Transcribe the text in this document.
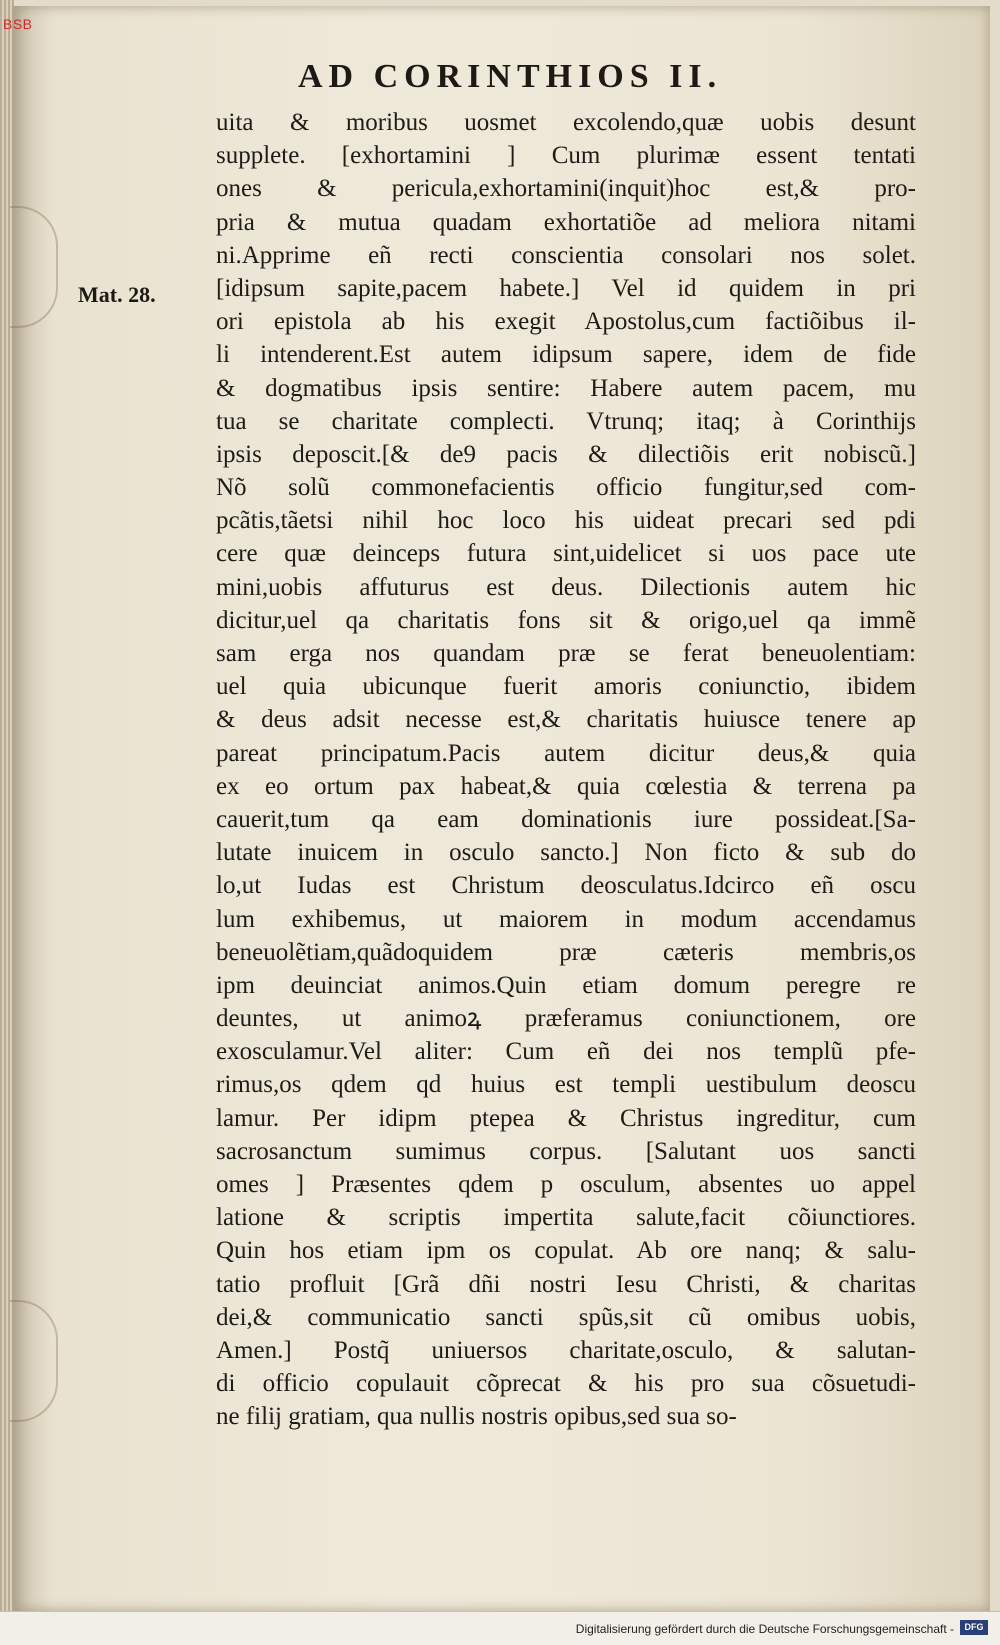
BSB
AD CORINTHIOS II.
Mat. 28.
uita & moribus uosmet excolendo,quæ uobis desunt
supplete. [exhortamini ] Cum plurimæ essent tentati
ones & pericula,exhortamini(inquit)hoc est,& pro-
pria & mutua quadam exhortatiõe ad meliora nitami
ni.Apprime eñ recti conscientia consolari nos solet.
[idipsum sapite,pacem habete.] Vel id quidem in pri
ori epistola ab his exegit Apostolus,cum factiõibus il-
li intenderent.Est autem idipsum sapere, idem de fide
& dogmatibus ipsis sentire: Habere autem pacem, mu
tua se charitate complecti. Vtrunq; itaq; à Corinthijs
ipsis deposcit.[& de9 pacis & dilectiõis erit nobiscũ.]
Nõ solũ commonefacientis officio fungitur,sed com-
pcãtis,tãetsi nihil hoc loco his uideat precari sed pdi
cere quæ deinceps futura sint,uidelicet si uos pace ute
mini,uobis affuturus est deus. Dilectionis autem hic
dicitur,uel qa charitatis fons sit & origo,uel qa immẽ
sam erga nos quandam præ se ferat beneuolentiam:
uel quia ubicunque fuerit amoris coniunctio, ibidem
& deus adsit necesse est,& charitatis huiusce tenere ap
pareat principatum.Pacis autem dicitur deus,& quia
ex eo ortum pax habeat,& quia cœlestia & terrena pa
cauerit,tum qa eam dominationis iure possideat.[Sa-
lutate inuicem in osculo sancto.] Non ficto & sub do
lo,ut Iudas est Christum deosculatus.Idcirco eñ oscu
lum exhibemus, ut maiorem in modum accendamus
beneuolẽtiam,quãdoquidem præ cæteris membris,os
ipm deuinciat animos.Quin etiam domum peregre re
deuntes, ut animoꝝ præferamus coniunctionem, ore
exosculamur.Vel aliter: Cum eñ dei nos templũ pfe-
rimus,os qdem qd huius est templi uestibulum deoscu
lamur. Per idipm ptерea & Christus ingreditur, cum
sacrosanctum sumimus corpus. [Salutant uos sancti
omes ] Præsentes qdem p osculum, absentes uo appel
latione & scriptis impertita salute,facit cõiunctiores.
Quin hos etiam ipm os copulat. Ab ore nanq; & salu-
tatio profluit [Grã dñi nostri Iesu Christi, & charitas
dei,& communicatio sancti spũs,sit cũ omibus uobis,
Amen.] Postq̃ uniuersos charitate,osculo, & salutan-
di officio copulauit cõprecat & his pro sua cõsuetudi-
ne filij gratiam, qua nullis nostris opibus,sed sua so-
Digitalisierung gefördert durch die Deutsche Forschungsgemeinschaft -	DFG
